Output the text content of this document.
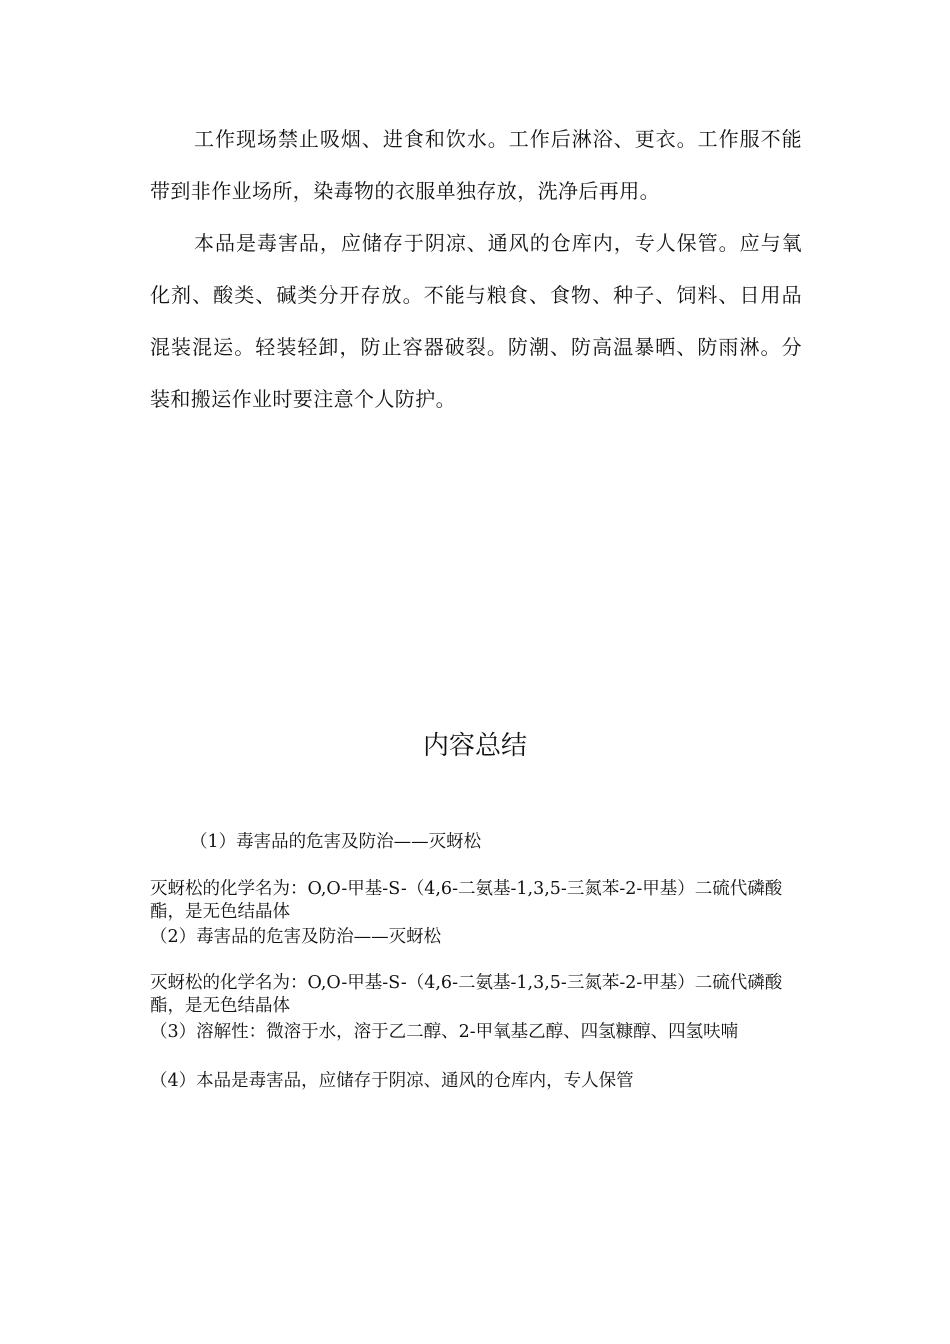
工作现场禁止吸烟、进食和饮水。工作后淋浴、更衣。工作服不能带到非作业场所，染毒物的衣服单独存放，洗净后再用。

本品是毒害品，应储存于阴凉、通风的仓库内，专人保管。应与氧化剂、酸类、碱类分开存放。不能与粮食、食物、种子、饲料、日用品混装混运。轻装轻卸，防止容器破裂。防潮、防高温暴晒、防雨淋。分装和搬运作业时要注意个人防护。

内容总结

（1）毒害品的危害及防治——灭蚜松

灭蚜松的化学名为：O,O-甲基-S-（4,6-二氨基-1,3,5-三氮苯-2-甲基）二硫代磷酸酯，是无色结晶体

（2）毒害品的危害及防治——灭蚜松

灭蚜松的化学名为：O,O-甲基-S-（4,6-二氨基-1,3,5-三氮苯-2-甲基）二硫代磷酸酯，是无色结晶体

（3）溶解性：微溶于水，溶于乙二醇、2-甲氧基乙醇、四氢糠醇、四氢呋喃

（4）本品是毒害品，应储存于阴凉、通风的仓库内，专人保管
